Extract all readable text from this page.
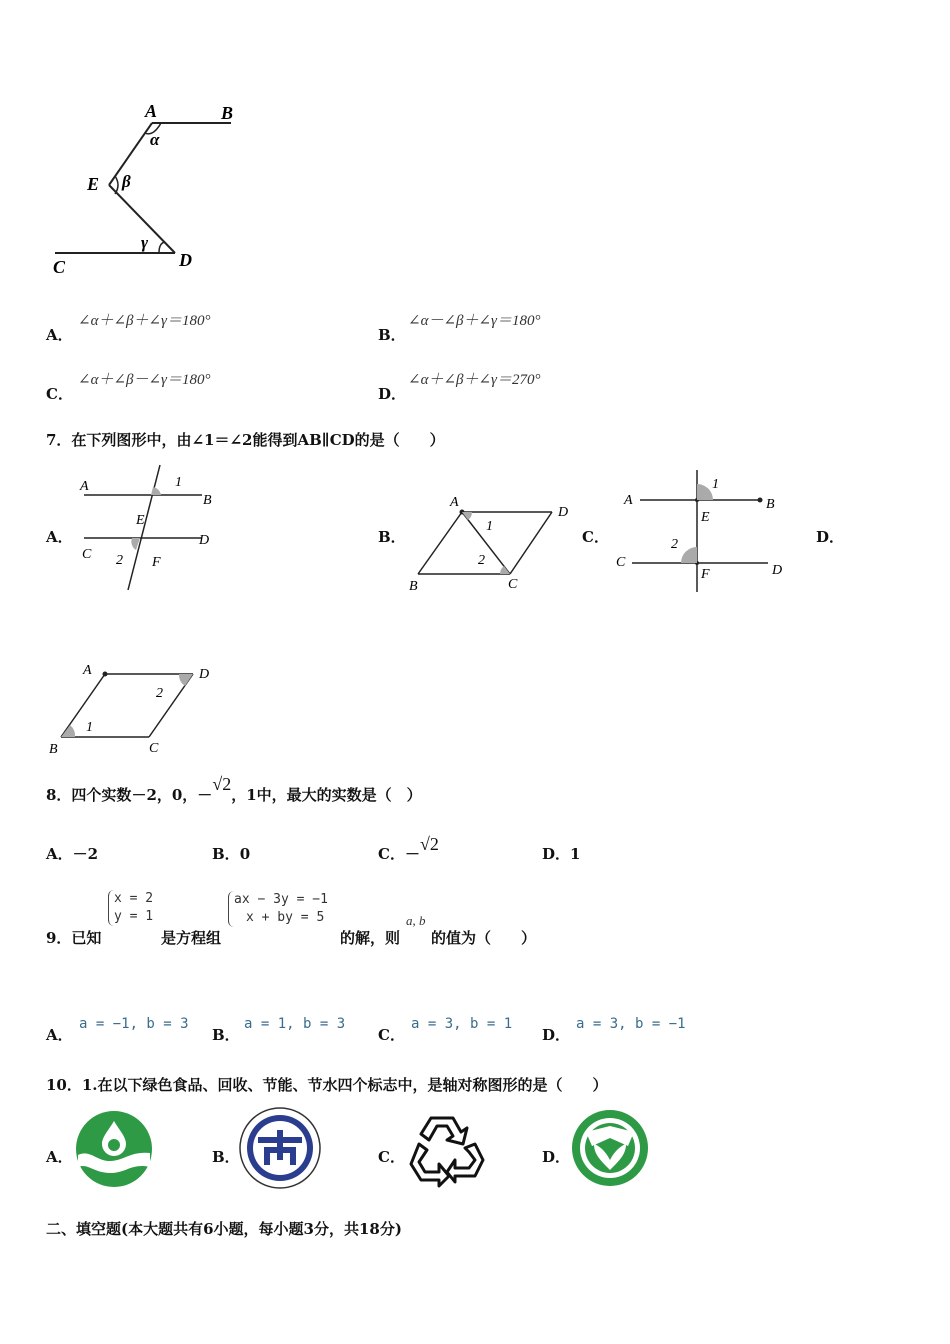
A	B
α
E β
γ
C	D
A．
∠α＋∠β＋∠γ＝180°
B．
∠α－∠β＋∠γ＝180°
C．
∠α＋∠β－∠γ＝180°
D．
∠α＋∠β＋∠γ＝270°
7．在下列图形中，由∠1＝∠2能得到AB∥CD的是（　　）
A．
A	1
B
E
C 2
D
F
B．
A
1
D
2
B	C
C．
A
1
B
E
2
C
F	D
D．
A	D
2
1
B	C
8．四个实数－2，0，－√2，1中，最大的实数是（　）
A．－2	B．0	C．－√2	D．1
9．已知
x = 2
y = 1
是方程组
ax − 3y = −1
x + by = 5
的解，则
a, b
的值为（　　）
A．
a = −1, b = 3
B．
a = 1, b = 3
C．
a = 3, b = 1
D．
a = 3, b = −1
10．1.在以下绿色食品、回收、节能、节水四个标志中，是轴对称图形的是（　　）
A．	B．	C．	D．
二、填空题(本大题共有6小题，每小题3分，共18分)
